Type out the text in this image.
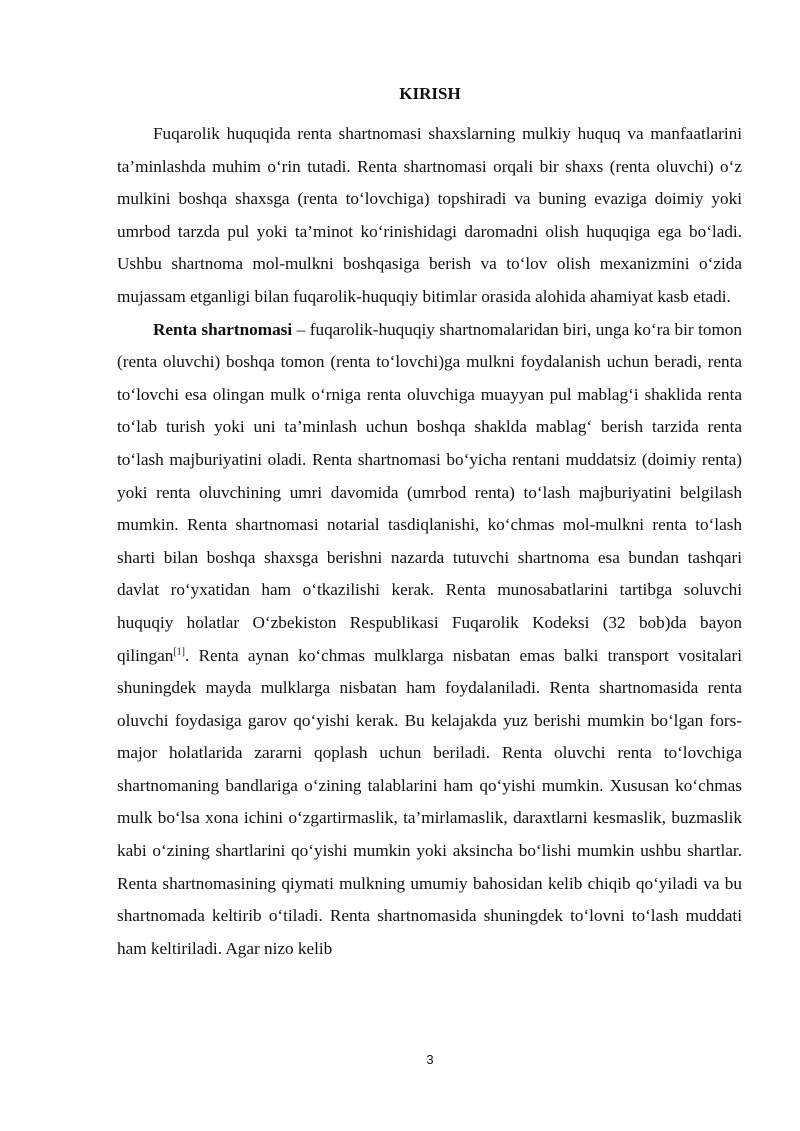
KIRISH

Fuqarolik huquqida renta shartnomasi shaxslarning mulkiy huquq va manfaatlarini ta’minlashda muhim o‘rin tutadi. Renta shartnomasi orqali bir shaxs (renta oluvchi) o‘z mulkini boshqa shaxsga (renta to‘lovchiga) topshiradi va buning evaziga doimiy yoki umrbod tarzda pul yoki ta’minot ko‘rinishidagi daromadni olish huquqiga ega bo‘ladi. Ushbu shartnoma mol-mulkni boshqasiga berish va to‘lov olish mexanizmini o‘zida mujassam etganligi bilan fuqarolik-huquqiy bitimlar orasida alohida ahamiyat kasb etadi.

Renta shartnomasi – fuqarolik-huquqiy shartnomalaridan biri, unga ko‘ra bir tomon (renta oluvchi) boshqa tomon (renta to‘lovchi)ga mulkni foydalanish uchun beradi, renta to‘lovchi esa olingan mulk o‘rniga renta oluvchiga muayyan pul mablag‘i shaklida renta to‘lab turish yoki uni ta’minlash uchun boshqa shaklda mablag‘ berish tarzida renta to‘lash majburiyatini oladi. Renta shartnomasi bo‘yicha rentani muddatsiz (doimiy renta) yoki renta oluvchining umri davomida (umrbod renta) to‘lash majburiyatini belgilash mumkin. Renta shartnomasi notarial tasdiqlanishi, ko‘chmas mol-mulkni renta to‘lash sharti bilan boshqa shaxsga berishni nazarda tutuvchi shartnoma esa bundan tashqari davlat ro‘yxatidan ham o‘tkazilishi kerak. Renta munosabatlarini tartibga soluvchi huquqiy holatlar O‘zbekiston Respublikasi Fuqarolik Kodeksi (32 bob)da bayon qilingan[1]. Renta aynan ko‘chmas mulklarga nisbatan emas balki transport vositalari shuningdek mayda mulklarga nisbatan ham foydalaniladi. Renta shartnomasida renta oluvchi foydasiga garov qo‘yishi kerak. Bu kelajakda yuz berishi mumkin bo‘lgan fors-major holatlarida zararni qoplash uchun beriladi. Renta oluvchi renta to‘lovchiga shartnomaning bandlariga o‘zining talablarini ham qo‘yishi mumkin. Xususan ko‘chmas mulk bo‘lsa xona ichini o‘zgartirmaslik, ta’mirlamaslik, daraxtlarni kesmaslik, buzmaslik kabi o‘zining shartlarini qo‘yishi mumkin yoki aksincha bo‘lishi mumkin ushbu shartlar. Renta shartnomasining qiymati mulkning umumiy bahosidan kelib chiqib qo‘yiladi va bu shartnomada keltirib o‘tiladi. Renta shartnomasida shuningdek to‘lovni to‘lash muddati ham keltiriladi. Agar nizo kelib

3
